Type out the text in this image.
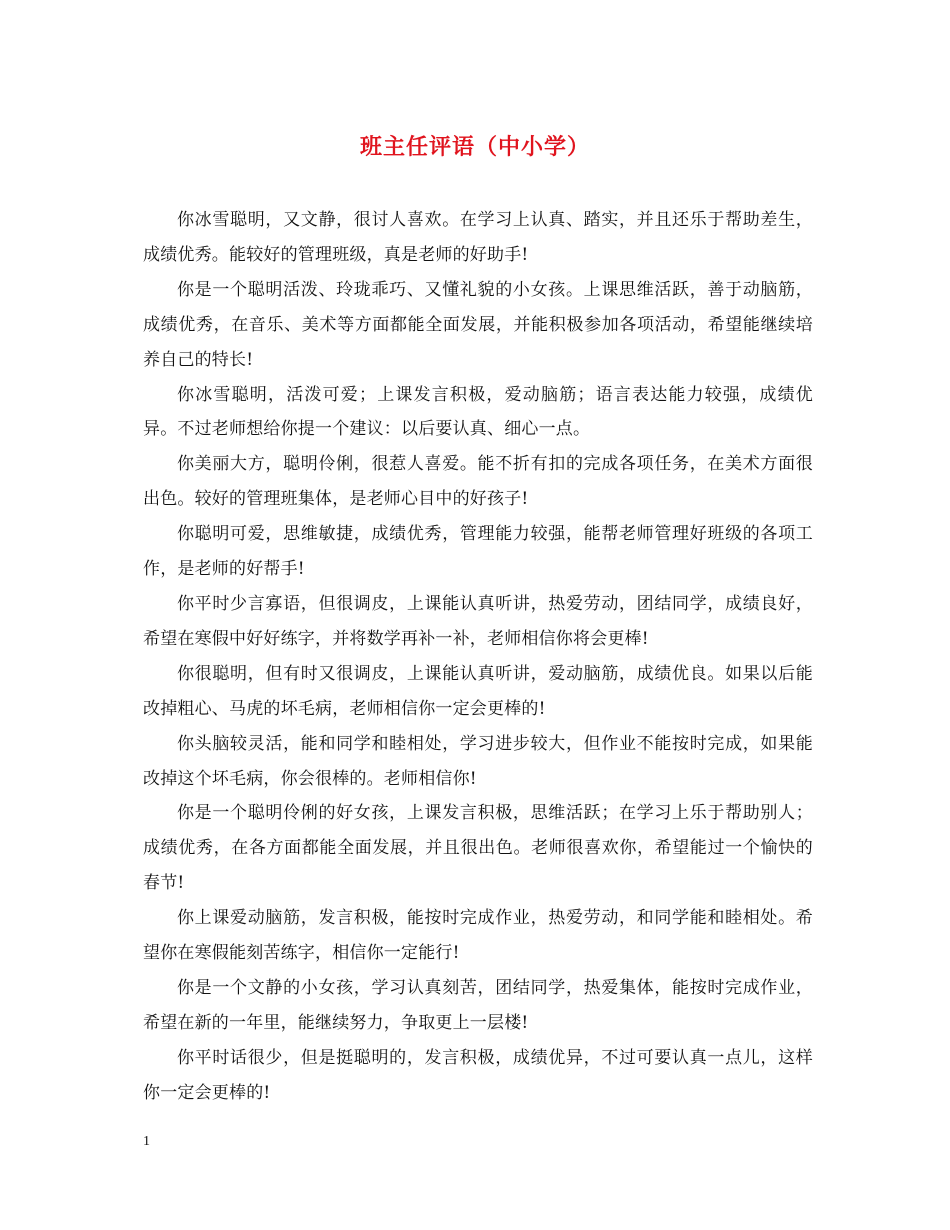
班主任评语（中小学）

你冰雪聪明，又文静，很讨人喜欢。在学习上认真、踏实，并且还乐于帮助差生，成绩优秀。能较好的管理班级，真是老师的好助手!

你是一个聪明活泼、玲珑乖巧、又懂礼貌的小女孩。上课思维活跃，善于动脑筋，成绩优秀，在音乐、美术等方面都能全面发展，并能积极参加各项活动，希望能继续培养自己的特长!

你冰雪聪明，活泼可爱；上课发言积极，爱动脑筋；语言表达能力较强，成绩优异。不过老师想给你提一个建议：以后要认真、细心一点。

你美丽大方，聪明伶俐，很惹人喜爱。能不折有扣的完成各项任务，在美术方面很出色。较好的管理班集体，是老师心目中的好孩子!

你聪明可爱，思维敏捷，成绩优秀，管理能力较强，能帮老师管理好班级的各项工作，是老师的好帮手!

你平时少言寡语，但很调皮，上课能认真听讲，热爱劳动，团结同学，成绩良好，希望在寒假中好好练字，并将数学再补一补，老师相信你将会更棒!

你很聪明，但有时又很调皮，上课能认真听讲，爱动脑筋，成绩优良。如果以后能改掉粗心、马虎的坏毛病，老师相信你一定会更棒的!

你头脑较灵活，能和同学和睦相处，学习进步较大，但作业不能按时完成，如果能改掉这个坏毛病，你会很棒的。老师相信你!

你是一个聪明伶俐的好女孩，上课发言积极，思维活跃；在学习上乐于帮助别人；成绩优秀，在各方面都能全面发展，并且很出色。老师很喜欢你，希望能过一个愉快的春节!

你上课爱动脑筋，发言积极，能按时完成作业，热爱劳动，和同学能和睦相处。希望你在寒假能刻苦练字，相信你一定能行!

你是一个文静的小女孩，学习认真刻苦，团结同学，热爱集体，能按时完成作业，希望在新的一年里，能继续努力，争取更上一层楼!

你平时话很少，但是挺聪明的，发言积极，成绩优异，不过可要认真一点儿，这样你一定会更棒的!

1
